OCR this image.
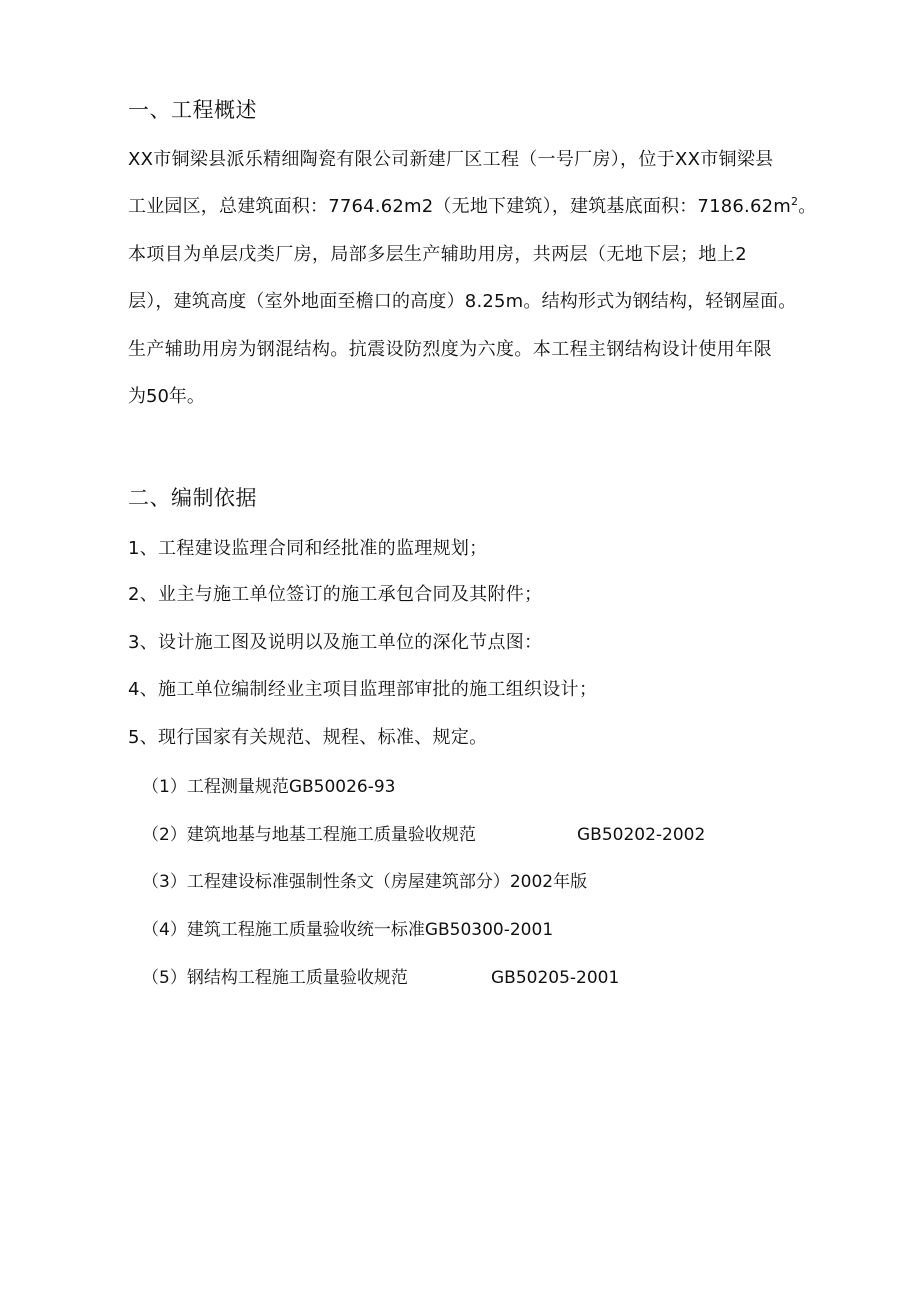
一、工程概述
XX市铜梁县派乐精细陶瓷有限公司新建厂区工程（一号厂房），位于XX市铜梁县
工业园区，总建筑面积：7764.62m2（无地下建筑），建筑基底面积：$7186.62m^2$。
本项目为单层戊类厂房，局部多层生产辅助用房，共两层（无地下层；地上2
层），建筑高度（室外地面至檐口的高度）8.25m。结构形式为钢结构，轻钢屋面。
生产辅助用房为钢混结构。抗震设防烈度为六度。本工程主钢结构设计使用年限
为50年。
二、编制依据
1、工程建设监理合同和经批准的监理规划；
2、业主与施工单位签订的施工承包合同及其附件；
3、设计施工图及说明以及施工单位的深化节点图：
4、施工单位编制经业主项目监理部审批的施工组织设计；
5、现行国家有关规范、规程、标准、规定。
（1）工程测量规范GB50026-93
（2）建筑地基与地基工程施工质量验收规范	GB50202-2002
（3）工程建设标准强制性条文（房屋建筑部分）2002年版
（4）建筑工程施工质量验收统一标准GB50300-2001
（5）钢结构工程施工质量验收规范	GB50205-2001
